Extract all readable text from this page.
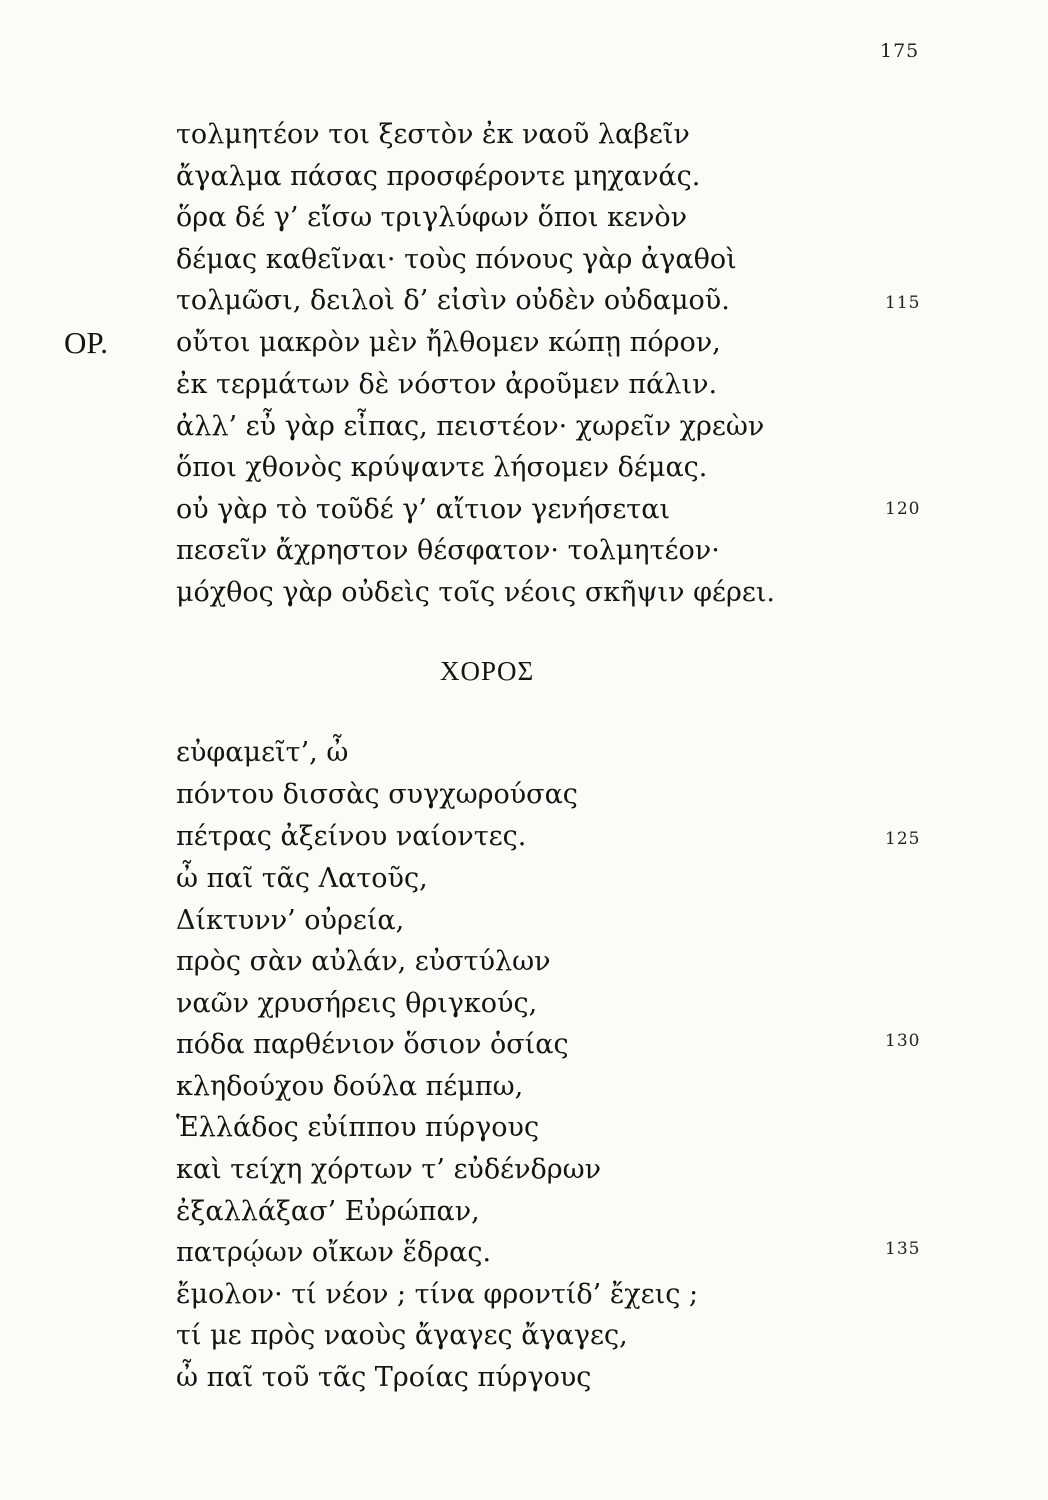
175
τολμητέον τοι ξεστὸν ἐκ ναοῦ λαβεῖν
ἄγαλμα πάσας προσφέροντε μηχανάς.
ὅρα δέ γ’ εἴσω τριγλύφων ὅποι κενὸν
δέμας καθεῖναι· τοὺς πόνους γὰρ ἀγαθοὶ
τολμῶσι, δειλοὶ δ’ εἰσὶν οὐδὲν οὐδαμοῦ.	115
ΟΡ.	οὔτοι μακρὸν μὲν ἤλθομεν κώπῃ πόρον,
ἐκ τερμάτων δὲ νόστον ἀροῦμεν πάλιν.
ἀλλ’ εὖ γὰρ εἶπας, πειστέον· χωρεῖν χρεὼν
ὅποι χθονὸς κρύψαντε λήσομεν δέμας.
οὐ γὰρ τὸ τοῦδέ γ’ αἴτιον γενήσεται	120
πεσεῖν ἄχρηστον θέσφατον· τολμητέον·
μόχθος γὰρ οὐδεὶς τοῖς νέοις σκῆψιν φέρει.
ΧΟΡΟΣ
εὐφαμεῖτ’, ὦ
πόντου δισσὰς συγχωρούσας
πέτρας ἀξείνου ναίοντες.	125
ὦ παῖ τᾶς Λατοῦς,
Δίκτυνν’ οὐρεία,
πρὸς σὰν αὐλάν, εὐστύλων
ναῶν χρυσήρεις θριγκούς,
πόδα παρθένιον ὅσιον ὁσίας	130
κληδούχου δούλα πέμπω,
Ἑλλάδος εὐίππου πύργους
καὶ τείχη χόρτων τ’ εὐδένδρων
ἐξαλλάξασ’ Εὐρώπαν,
πατρῴων οἴκων ἕδρας.	135
ἔμολον· τί νέον ; τίνα φροντίδ’ ἔχεις ;
τί με πρὸς ναοὺς ἄγαγες ἄγαγες,
ὦ παῖ τοῦ τᾶς Τροίας πύργους
